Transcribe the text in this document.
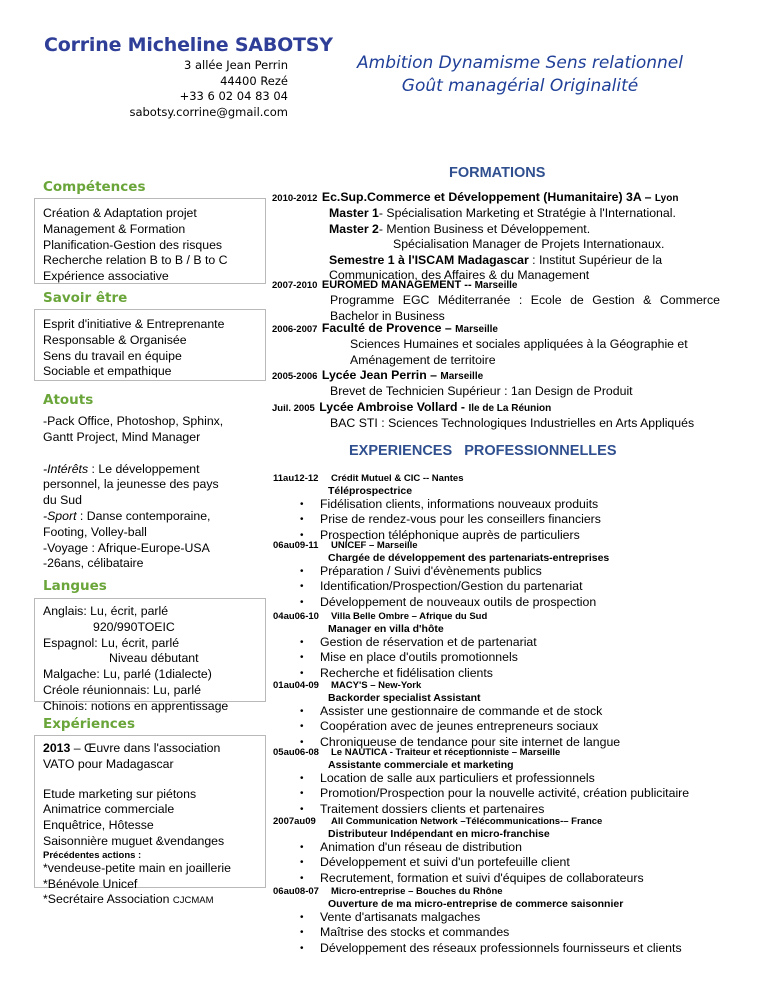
Corrine Micheline SABOTSY
3 allée Jean Perrin
44400 Rezé
+33 6 02 04 83 04
sabotsy.corrine@gmail.com
Ambition Dynamisme Sens relationnel
Goût managérial Originalité
Compétences
Création & Adaptation projet
Management & Formation
Planification-Gestion des risques
Recherche relation B to B / B to C
Expérience associative
Savoir être
Esprit d'initiative & Entreprenante
Responsable & Organisée
Sens du travail en équipe
Sociable et empathique
Atouts
-Pack Office, Photoshop, Sphinx,
Gantt Project, Mind Manager
-Intérêts : Le développement
personnel, la jeunesse des pays
du Sud
-Sport : Danse contemporaine,
Footing, Volley-ball
-Voyage : Afrique-Europe-USA
-26ans, célibataire
Langues
Anglais: Lu, écrit, parlé
920/990TOEIC
Espagnol: Lu, écrit, parlé
Niveau débutant
Malgache: Lu, parlé (1dialecte)
Créole réunionnais: Lu, parlé
Chinois: notions en apprentissage
Expériences
2013 – Œuvre dans l'association
VATO pour Madagascar
Etude marketing sur piétons
Animatrice commerciale
Enquêtrice, Hôtesse
Saisonnière muguet &vendanges
Précédentes actions :
*vendeuse-petite main en joaillerie
*Bénévole Unicef
*Secrétaire Association CJCMAM
FORMATIONS
2010-2012 Ec.Sup.Commerce et Développement (Humanitaire) 3A – Lyon
Master 1- Spécialisation Marketing et Stratégie à l'International.
Master 2- Mention Business et Développement.
Spécialisation Manager de Projets Internationaux.
Semestre 1 à l'ISCAM Madagascar : Institut Supérieur de la
Communication, des Affaires & du Management
2007-2010 EUROMED MANAGEMENT -- Marseille
Programme EGC Méditerranée : Ecole de Gestion & Commerce
Bachelor in Business
2006-2007 Faculté de Provence – Marseille
Sciences Humaines et sociales appliquées à la Géographie et
Aménagement de territoire
2005-2006 Lycée Jean Perrin – Marseille
Brevet de Technicien Supérieur : 1an Design de Produit
Juil. 2005 Lycée Ambroise Vollard - Ile de La Réunion
BAC STI : Sciences Technologiques Industrielles en Arts Appliqués
EXPERIENCES   PROFESSIONNELLES
11au12-12 Crédit Mutuel & CIC -- Nantes
Téléprospectrice
• Fidélisation clients, informations nouveaux produits
• Prise de rendez-vous pour les conseillers financiers
• Prospection téléphonique auprès de particuliers
06au09-11 UNICEF – Marseille
Chargée de développement des partenariats-entreprises
• Préparation / Suivi d'évènements publics
• Identification/Prospection/Gestion du partenariat
• Développement de nouveaux outils de prospection
04au06-10 Villa Belle Ombre – Afrique du Sud
Manager en villa d'hôte
• Gestion de réservation et de partenariat
• Mise en place d'outils promotionnels
• Recherche et fidélisation clients
01au04-09 MACY'S – New-York
Backorder specialist Assistant
• Assister une gestionnaire de commande et de stock
• Coopération avec de jeunes entrepreneurs sociaux
• Chroniqueuse de tendance pour site internet de langue
05au06-08 Le NAUTICA - Traiteur et réceptionniste – Marseille
Assistante commerciale et marketing
• Location de salle aux particuliers et professionnels
• Promotion/Prospection pour la nouvelle activité, création publicitaire
• Traitement dossiers clients et partenaires
2007au09 All Communication Network –Télécommunications-– France
Distributeur Indépendant en micro-franchise
• Animation d'un réseau de distribution
• Développement et suivi d'un portefeuille client
• Recrutement, formation et suivi d'équipes de collaborateurs
06au08-07 Micro-entreprise – Bouches du Rhône
Ouverture de ma micro-entreprise de commerce saisonnier
• Vente d'artisanats malgaches
• Maîtrise des stocks et commandes
• Développement des réseaux professionnels fournisseurs et clients
